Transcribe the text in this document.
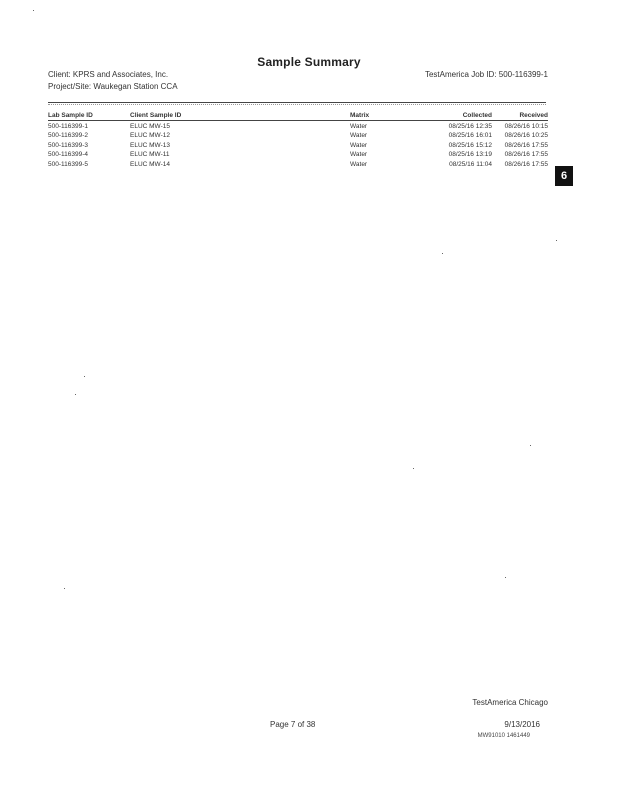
Sample Summary
Client: KPRS and Associates, Inc.
Project/Site: Waukegan Station CCA
TestAmerica Job ID: 500-116399-1
Lab Sample ID	Client Sample ID	Matrix	Collected	Received
500-116399-1	ELUC MW-15	Water	08/25/16 12:35	08/26/16 10:15
500-116399-2	ELUC MW-12	Water	08/25/16 16:01	08/26/16 10:25
500-116399-3	ELUC MW-13	Water	08/25/16 15:12	08/26/16 17:55
500-116399-4	ELUC MW-11	Water	08/25/16 13:19	08/26/16 17:55
500-116399-5	ELUC MW-14	Water	08/25/16 11:04	08/26/16 17:55
6
TestAmerica Chicago
Page 7 of 38	9/13/2016
MW91010 1461449
